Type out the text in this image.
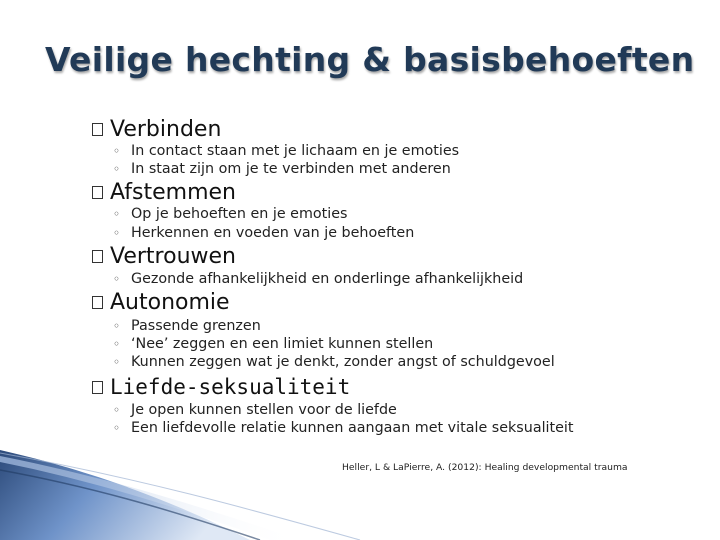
Veilige hechting & basisbehoeften
Verbinden
◦ In contact staan met je lichaam en je emoties
◦ In staat zijn om je te verbinden met anderen
Afstemmen
◦ Op je behoeften en je emoties
◦ Herkennen en voeden van je behoeften
Vertrouwen
◦ Gezonde afhankelijkheid en onderlinge afhankelijkheid
Autonomie
◦ Passende grenzen
◦ ‘Nee’ zeggen en een limiet kunnen stellen
◦ Kunnen zeggen wat je denkt, zonder angst of schuldgevoel
Liefde-seksualiteit
◦ Je open kunnen stellen voor de liefde
◦ Een liefdevolle relatie kunnen aangaan met vitale seksualiteit
Heller, L & LaPierre, A. (2012): Healing developmental trauma
